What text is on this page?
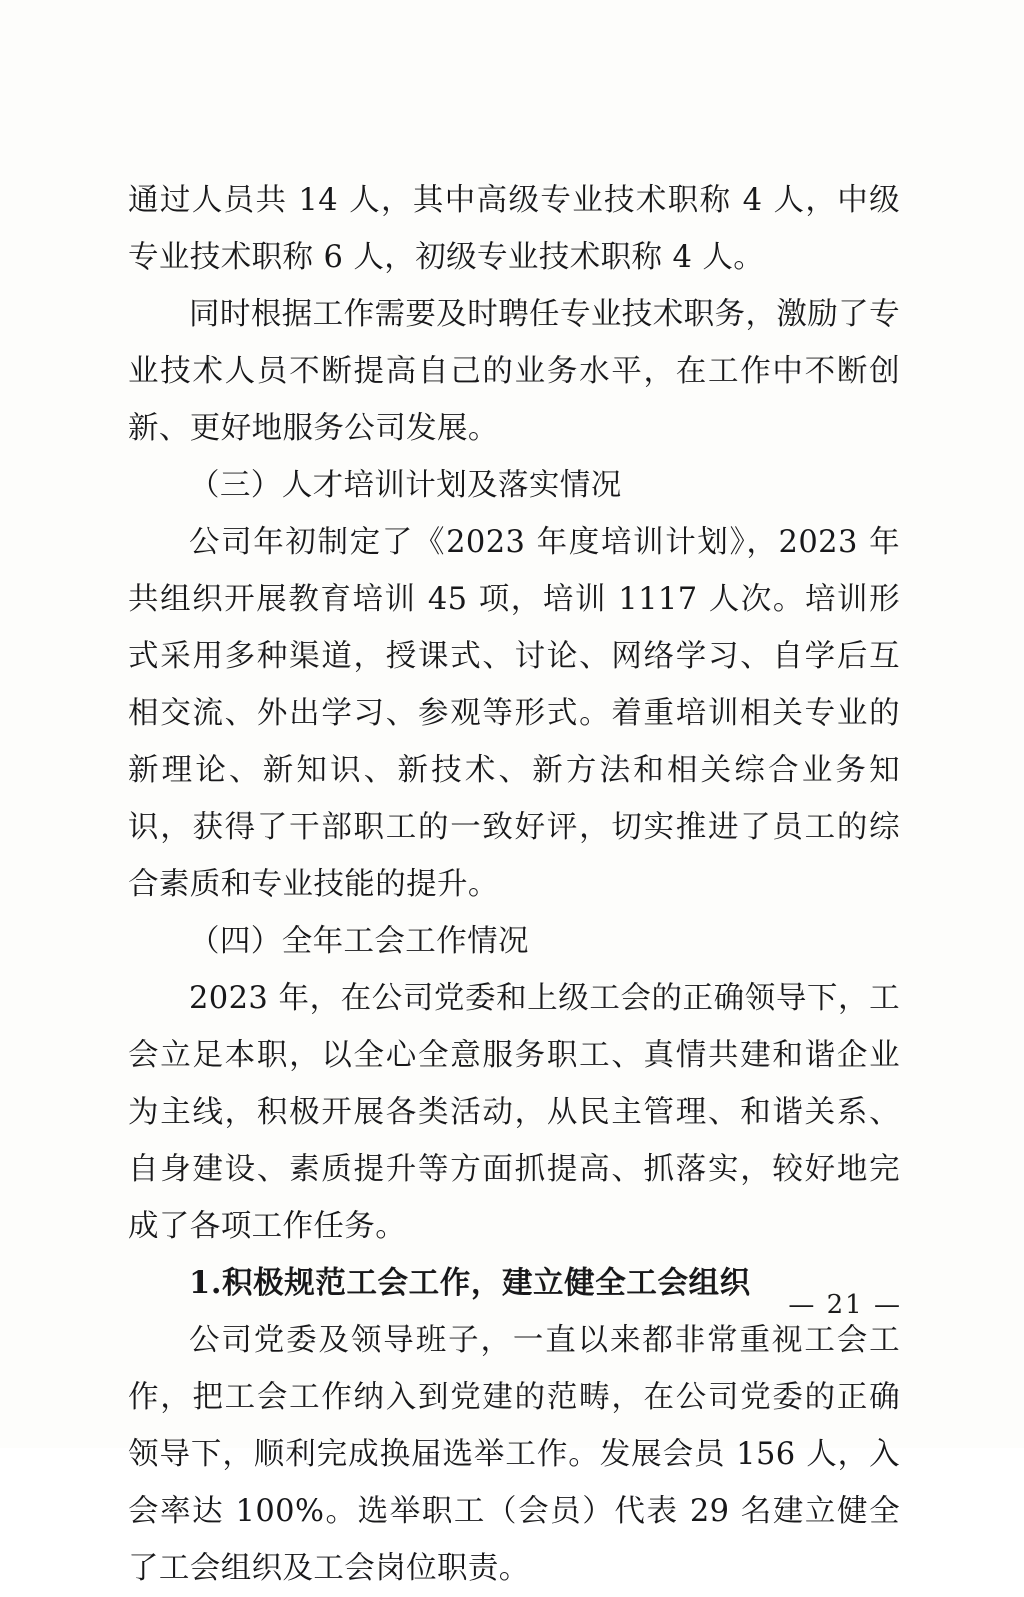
通过人员共 14 人，其中高级专业技术职称 4 人，中级专业技术职称 6 人，初级专业技术职称 4 人。

同时根据工作需要及时聘任专业技术职务，激励了专业技术人员不断提高自己的业务水平，在工作中不断创新、更好地服务公司发展。

（三）人才培训计划及落实情况

公司年初制定了《2023 年度培训计划》，2023 年共组织开展教育培训 45 项，培训 1117 人次。培训形式采用多种渠道，授课式、讨论、网络学习、自学后互相交流、外出学习、参观等形式。着重培训相关专业的新理论、新知识、新技术、新方法和相关综合业务知识，获得了干部职工的一致好评，切实推进了员工的综合素质和专业技能的提升。

（四）全年工会工作情况

2023 年，在公司党委和上级工会的正确领导下，工会立足本职，以全心全意服务职工、真情共建和谐企业为主线，积极开展各类活动，从民主管理、和谐关系、自身建设、素质提升等方面抓提高、抓落实，较好地完成了各项工作任务。

1.积极规范工会工作，建立健全工会组织

公司党委及领导班子，一直以来都非常重视工会工作，把工会工作纳入到党建的范畴，在公司党委的正确领导下，顺利完成换届选举工作。发展会员 156 人，入会率达 100%。选举职工（会员）代表 29 名建立健全了工会组织及工会岗位职责。

— 21 —
